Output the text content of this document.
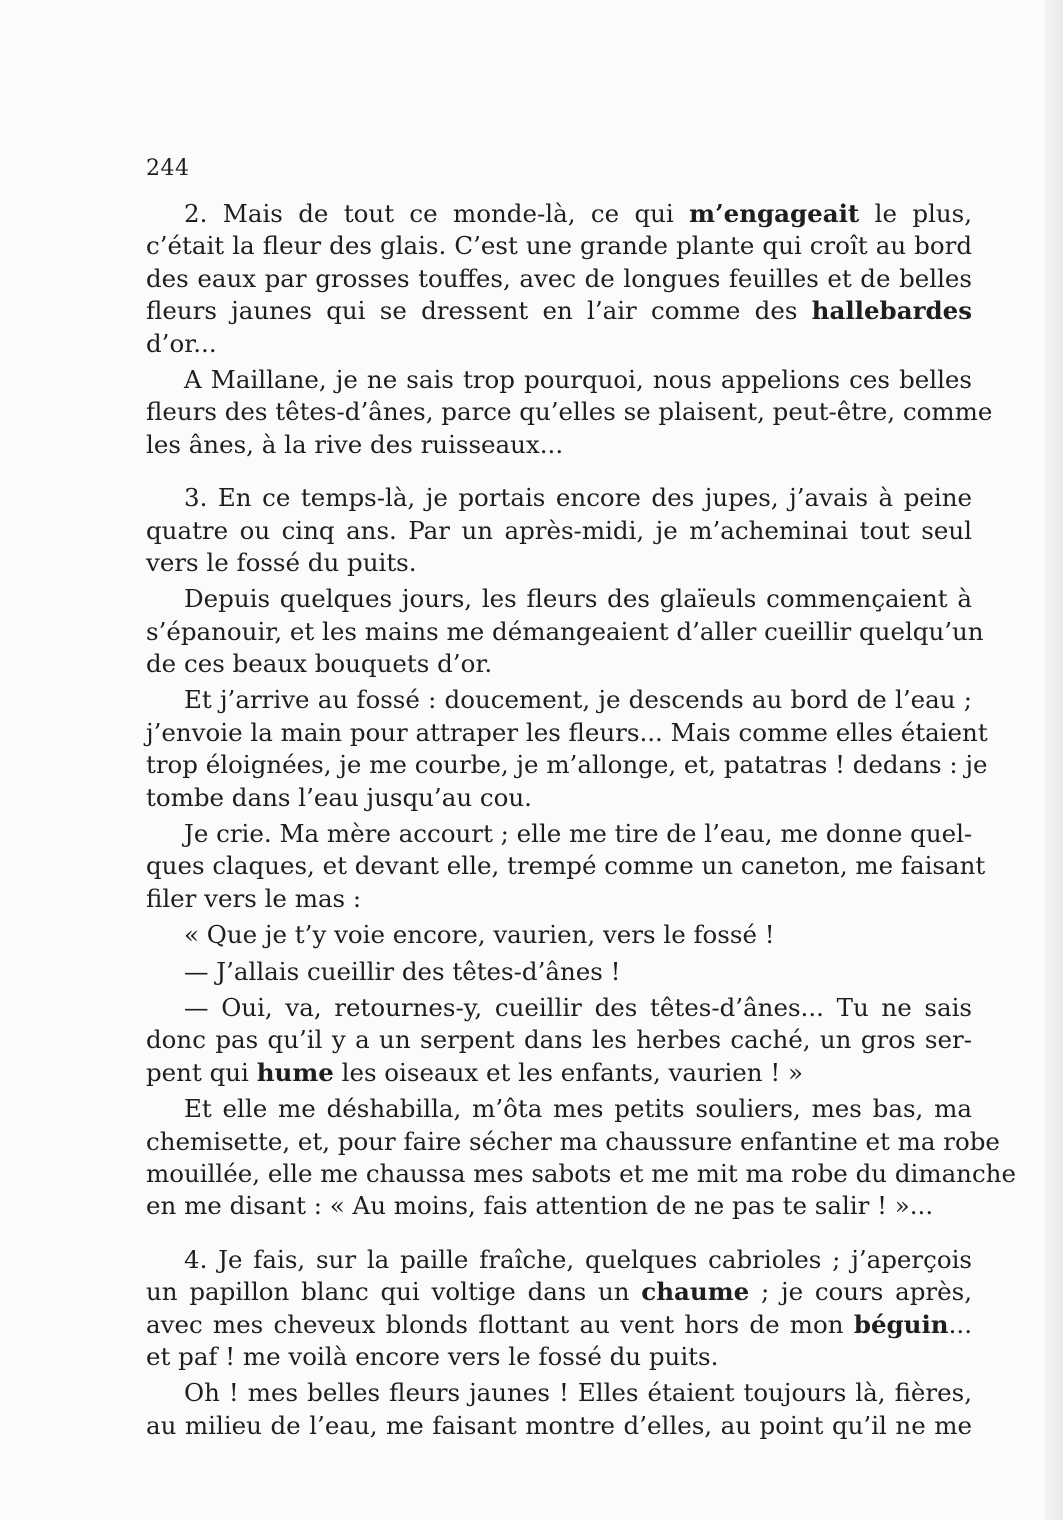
244
2. Mais de tout ce monde-là, ce qui m’engageait le plus,
c’était la fleur des glais. C’est une grande plante qui croît au bord
des eaux par grosses touffes, avec de longues feuilles et de belles
fleurs jaunes qui se dressent en l’air comme des hallebardes
d’or...
A Maillane, je ne sais trop pourquoi, nous appelions ces belles
fleurs des têtes-d’ânes, parce qu’elles se plaisent, peut-être, comme
les ânes, à la rive des ruisseaux...
3. En ce temps-là, je portais encore des jupes, j’avais à peine
quatre ou cinq ans. Par un après-midi, je m’acheminai tout seul
vers le fossé du puits.
Depuis quelques jours, les fleurs des glaïeuls commençaient à
s’épanouir, et les mains me démangeaient d’aller cueillir quelqu’un
de ces beaux bouquets d’or.
Et j’arrive au fossé : doucement, je descends au bord de l’eau ;
j’envoie la main pour attraper les fleurs... Mais comme elles étaient
trop éloignées, je me courbe, je m’allonge, et, patatras ! dedans : je
tombe dans l’eau jusqu’au cou.
Je crie. Ma mère accourt ; elle me tire de l’eau, me donne quel-
ques claques, et devant elle, trempé comme un caneton, me faisant
filer vers le mas :
« Que je t’y voie encore, vaurien, vers le fossé !
— J’allais cueillir des têtes-d’ânes !
— Oui, va, retournes-y, cueillir des têtes-d’ânes... Tu ne sais
donc pas qu’il y a un serpent dans les herbes caché, un gros ser-
pent qui hume les oiseaux et les enfants, vaurien ! »
Et elle me déshabilla, m’ôta mes petits souliers, mes bas, ma
chemisette, et, pour faire sécher ma chaussure enfantine et ma robe
mouillée, elle me chaussa mes sabots et me mit ma robe du dimanche
en me disant : « Au moins, fais attention de ne pas te salir ! »...
4. Je fais, sur la paille fraîche, quelques cabrioles ; j’aperçois
un papillon blanc qui voltige dans un chaume ; je cours après,
avec mes cheveux blonds flottant au vent hors de mon béguin...
et paf ! me voilà encore vers le fossé du puits.
Oh ! mes belles fleurs jaunes ! Elles étaient toujours là, fières,
au milieu de l’eau, me faisant montre d’elles, au point qu’il ne me
